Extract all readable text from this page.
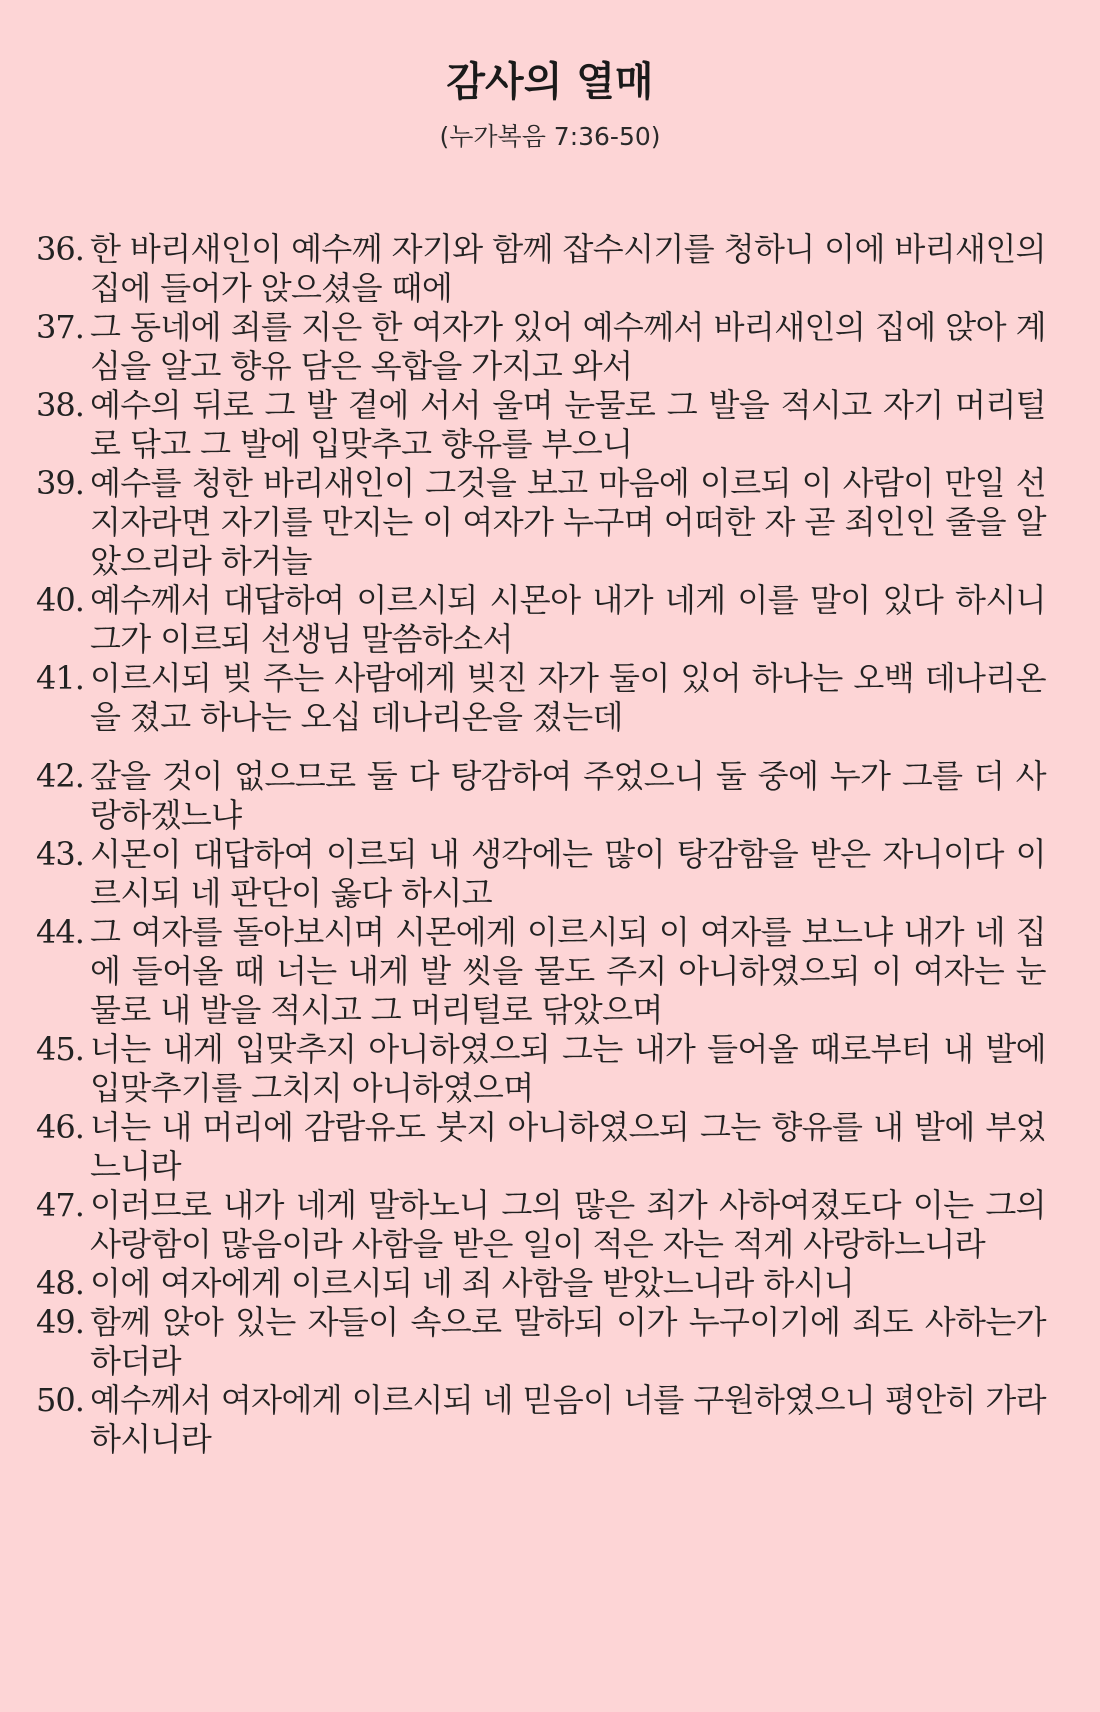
감사의 열매
(누가복음 7:36-50)
36. 한 바리새인이 예수께 자기와 함께 잡수시기를 청하니 이에 바리새인의 집에 들어가 앉으셨을 때에
37. 그 동네에 죄를 지은 한 여자가 있어 예수께서 바리새인의 집에 앉아 계심을 알고 향유 담은 옥합을 가지고 와서
38. 예수의 뒤로 그 발 곁에 서서 울며 눈물로 그 발을 적시고 자기 머리털로 닦고 그 발에 입맞추고 향유를 부으니
39. 예수를 청한 바리새인이 그것을 보고 마음에 이르되 이 사람이 만일 선지자라면 자기를 만지는 이 여자가 누구며 어떠한 자 곧 죄인인 줄을 알았으리라 하거늘
40. 예수께서 대답하여 이르시되 시몬아 내가 네게 이를 말이 있다 하시니 그가 이르되 선생님 말씀하소서
41. 이르시되 빚 주는 사람에게 빚진 자가 둘이 있어 하나는 오백 데나리온을 졌고 하나는 오십 데나리온을 졌는데
42. 갚을 것이 없으므로 둘 다 탕감하여 주었으니 둘 중에 누가 그를 더 사랑하겠느냐
43. 시몬이 대답하여 이르되 내 생각에는 많이 탕감함을 받은 자니이다 이르시되 네 판단이 옳다 하시고
44. 그 여자를 돌아보시며 시몬에게 이르시되 이 여자를 보느냐 내가 네 집에 들어올 때 너는 내게 발 씻을 물도 주지 아니하였으되 이 여자는 눈물로 내 발을 적시고 그 머리털로 닦았으며
45. 너는 내게 입맞추지 아니하였으되 그는 내가 들어올 때로부터 내 발에 입맞추기를 그치지 아니하였으며
46. 너는 내 머리에 감람유도 붓지 아니하였으되 그는 향유를 내 발에 부었느니라
47. 이러므로 내가 네게 말하노니 그의 많은 죄가 사하여졌도다 이는 그의 사랑함이 많음이라 사함을 받은 일이 적은 자는 적게 사랑하느니라
48. 이에 여자에게 이르시되 네 죄 사함을 받았느니라 하시니
49. 함께 앉아 있는 자들이 속으로 말하되 이가 누구이기에 죄도 사하는가 하더라
50. 예수께서 여자에게 이르시되 네 믿음이 너를 구원하였으니 평안히 가라 하시니라
